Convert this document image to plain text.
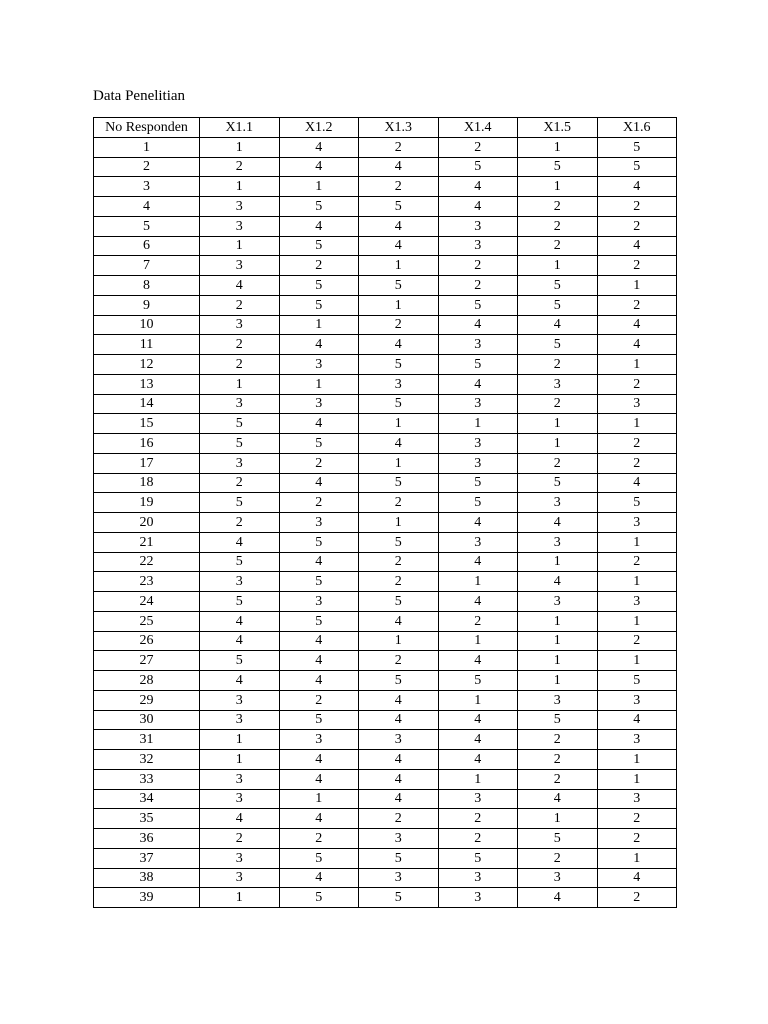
Data Penelitian
No Responden	X1.1	X1.2	X1.3	X1.4	X1.5	X1.6
1	1	4	2	2	1	5
2	2	4	4	5	5	5
3	1	1	2	4	1	4
4	3	5	5	4	2	2
5	3	4	4	3	2	2
6	1	5	4	3	2	4
7	3	2	1	2	1	2
8	4	5	5	2	5	1
9	2	5	1	5	5	2
10	3	1	2	4	4	4
11	2	4	4	3	5	4
12	2	3	5	5	2	1
13	1	1	3	4	3	2
14	3	3	5	3	2	3
15	5	4	1	1	1	1
16	5	5	4	3	1	2
17	3	2	1	3	2	2
18	2	4	5	5	5	4
19	5	2	2	5	3	5
20	2	3	1	4	4	3
21	4	5	5	3	3	1
22	5	4	2	4	1	2
23	3	5	2	1	4	1
24	5	3	5	4	3	3
25	4	5	4	2	1	1
26	4	4	1	1	1	2
27	5	4	2	4	1	1
28	4	4	5	5	1	5
29	3	2	4	1	3	3
30	3	5	4	4	5	4
31	1	3	3	4	2	3
32	1	4	4	4	2	1
33	3	4	4	1	2	1
34	3	1	4	3	4	3
35	4	4	2	2	1	2
36	2	2	3	2	5	2
37	3	5	5	5	2	1
38	3	4	3	3	3	4
39	1	5	5	3	4	2
